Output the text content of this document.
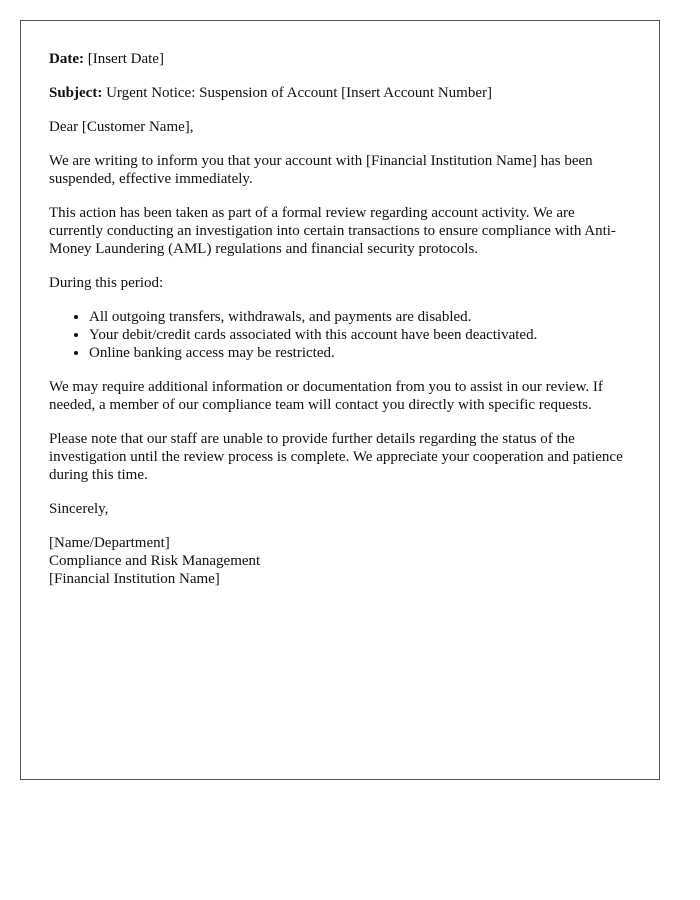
Date: [Insert Date]

Subject: Urgent Notice: Suspension of Account [Insert Account Number]

Dear [Customer Name],

We are writing to inform you that your account with [Financial Institution Name] has been suspended, effective immediately.

This action has been taken as part of a formal review regarding account activity. We are currently conducting an investigation into certain transactions to ensure compliance with Anti-Money Laundering (AML) regulations and financial security protocols.

During this period:

• All outgoing transfers, withdrawals, and payments are disabled.
• Your debit/credit cards associated with this account have been deactivated.
• Online banking access may be restricted.

We may require additional information or documentation from you to assist in our review. If needed, a member of our compliance team will contact you directly with specific requests.

Please note that our staff are unable to provide further details regarding the status of the investigation until the review process is complete. We appreciate your cooperation and patience during this time.

Sincerely,

[Name/Department]
Compliance and Risk Management
[Financial Institution Name]
